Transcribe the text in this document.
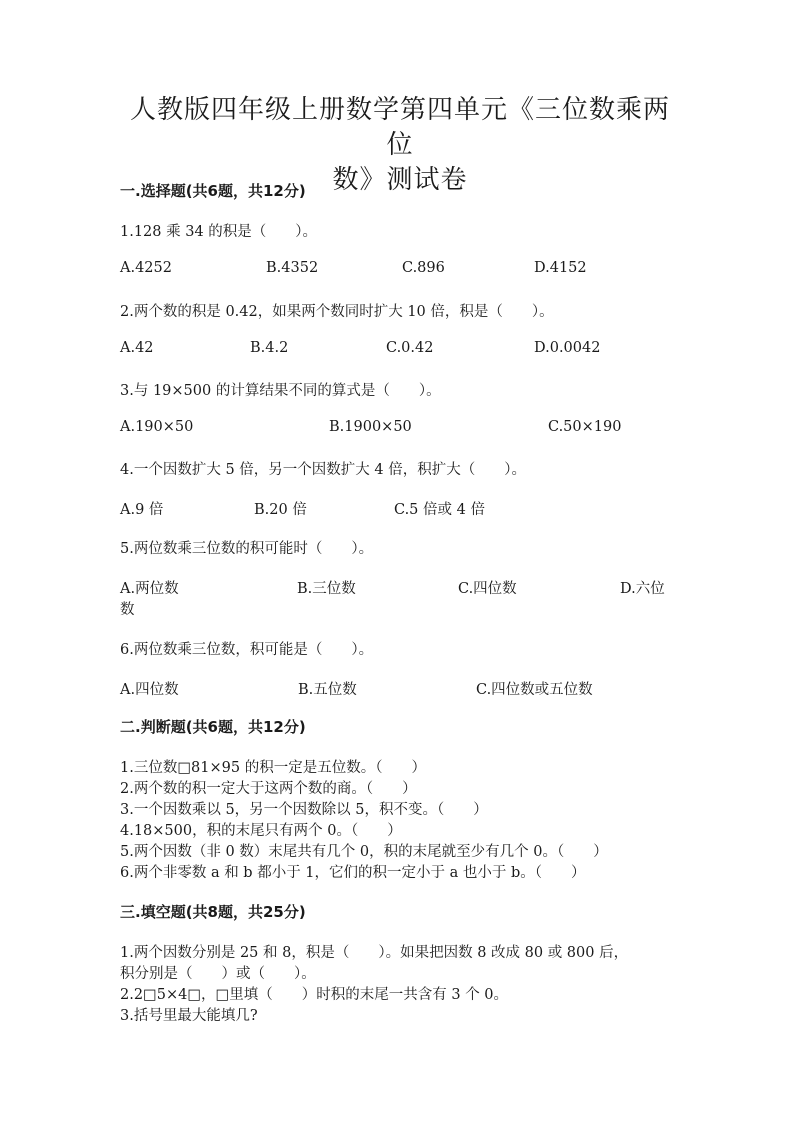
人教版四年级上册数学第四单元《三位数乘两位
数》测试卷
一.选择题(共6题，共12分)
1.128 乘 34 的积是（　　）。
A.4252	B.4352	C.896	D.4152
2.两个数的积是 0.42，如果两个数同时扩大 10 倍，积是（　　）。
A.42	B.4.2	C.0.42	D.0.0042
3.与 19×500 的计算结果不同的算式是（　　）。
A.190×50	B.1900×50	C.50×190
4.一个因数扩大 5 倍，另一个因数扩大 4 倍，积扩大（　　）。
A.9 倍	B.20 倍	C.5 倍或 4 倍
5.两位数乘三位数的积可能时（　　）。
A.两位数	B.三位数	C.四位数	D.六位
数
6.两位数乘三位数，积可能是（　　）。
A.四位数	B.五位数	C.四位数或五位数
二.判断题(共6题，共12分)
1.三位数□81×95 的积一定是五位数。（　　）
2.两个数的积一定大于这两个数的商。（　　）
3.一个因数乘以 5，另一个因数除以 5，积不变。（　　）
4.18×500，积的末尾只有两个 0。（　　）
5.两个因数（非 0 数）末尾共有几个 0，积的末尾就至少有几个 0。（　　）
6.两个非零数 a 和 b 都小于 1，它们的积一定小于 a 也小于 b。（　　）
三.填空题(共8题，共25分)
1.两个因数分别是 25 和 8，积是（　　）。如果把因数 8 改成 80 或 800 后，
积分别是（　　）或（　　）。
2.2□5×4□，□里填（　　）时积的末尾一共含有 3 个 0。
3.括号里最大能填几?
